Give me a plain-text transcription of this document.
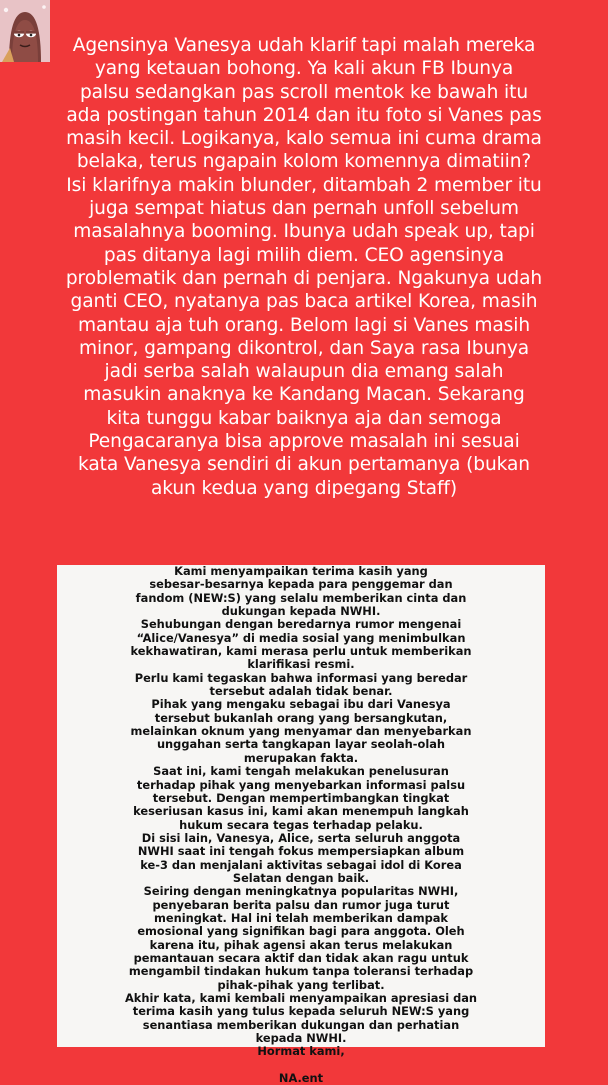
Agensinya Vanesya udah klarif tapi malah mereka
yang ketauan bohong. Ya kali akun FB Ibunya
palsu sedangkan pas scroll mentok ke bawah itu
ada postingan tahun 2014 dan itu foto si Vanes pas
masih kecil. Logikanya, kalo semua ini cuma drama
belaka, terus ngapain kolom komennya dimatiin?
Isi klarifnya makin blunder, ditambah 2 member itu
juga sempat hiatus dan pernah unfoll sebelum
masalahnya booming. Ibunya udah speak up, tapi
pas ditanya lagi milih diem. CEO agensinya
problematik dan pernah di penjara. Ngakunya udah
ganti CEO, nyatanya pas baca artikel Korea, masih
mantau aja tuh orang. Belom lagi si Vanes masih
minor, gampang dikontrol, dan Saya rasa Ibunya
jadi serba salah walaupun dia emang salah
masukin anaknya ke Kandang Macan. Sekarang
kita tunggu kabar baiknya aja dan semoga
Pengacaranya bisa approve masalah ini sesuai
kata Vanesya sendiri di akun pertamanya (bukan
akun kedua yang dipegang Staff)

Kami menyampaikan terima kasih yang
sebesar-besarnya kepada para penggemar dan
fandom (NEW:S) yang selalu memberikan cinta dan
dukungan kepada NWHI.
Sehubungan dengan beredarnya rumor mengenai
“Alice/Vanesya” di media sosial yang menimbulkan
kekhawatiran, kami merasa perlu untuk memberikan
klarifikasi resmi.
Perlu kami tegaskan bahwa informasi yang beredar
tersebut adalah tidak benar.
Pihak yang mengaku sebagai ibu dari Vanesya
tersebut bukanlah orang yang bersangkutan,
melainkan oknum yang menyamar dan menyebarkan
unggahan serta tangkapan layar seolah-olah
merupakan fakta.
Saat ini, kami tengah melakukan penelusuran
terhadap pihak yang menyebarkan informasi palsu
tersebut. Dengan mempertimbangkan tingkat
keseriusan kasus ini, kami akan menempuh langkah
hukum secara tegas terhadap pelaku.
Di sisi lain, Vanesya, Alice, serta seluruh anggota
NWHI saat ini tengah fokus mempersiapkan album
ke-3 dan menjalani aktivitas sebagai idol di Korea
Selatan dengan baik.
Seiring dengan meningkatnya popularitas NWHI,
penyebaran berita palsu dan rumor juga turut
meningkat. Hal ini telah memberikan dampak
emosional yang signifikan bagi para anggota. Oleh
karena itu, pihak agensi akan terus melakukan
pemantauan secara aktif dan tidak akan ragu untuk
mengambil tindakan hukum tanpa toleransi terhadap
pihak-pihak yang terlibat.
Akhir kata, kami kembali menyampaikan apresiasi dan
terima kasih yang tulus kepada seluruh NEW:S yang
senantiasa memberikan dukungan dan perhatian
kepada NWHI.
Hormat kami,
NA.ent
